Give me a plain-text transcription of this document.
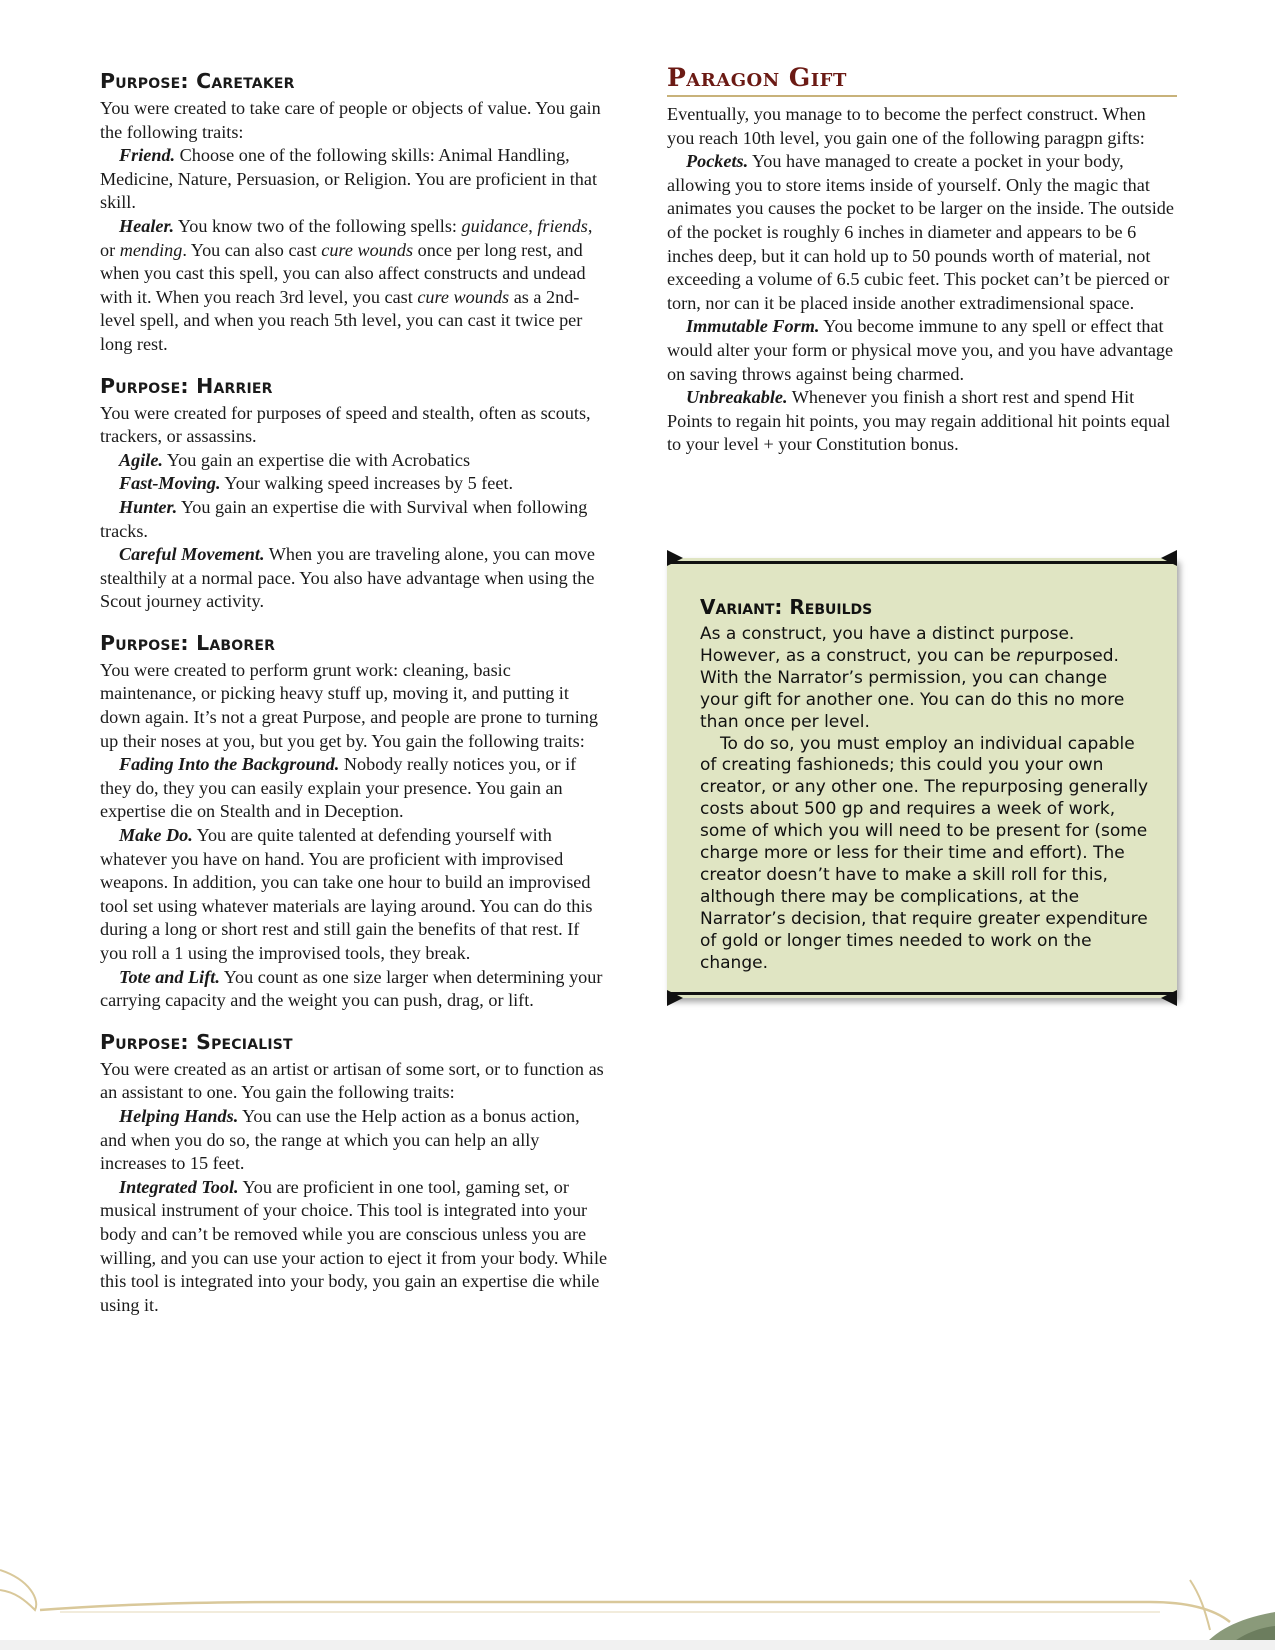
Purpose: Caretaker

You were created to take care of people or objects of value. You gain the following traits:

Friend. Choose one of the following skills: Animal Handling, Medicine, Nature, Persuasion, or Religion. You are proficient in that skill.

Healer. You know two of the following spells: guidance, friends, or mending. You can also cast cure wounds once per long rest, and when you cast this spell, you can also affect constructs and undead with it. When you reach 3rd level, you cast cure wounds as a 2nd-level spell, and when you reach 5th level, you can cast it twice per long rest.

Purpose: Harrier

You were created for purposes of speed and stealth, often as scouts, trackers, or assassins.

Agile. You gain an expertise die with Acrobatics

Fast-Moving. Your walking speed increases by 5 feet.

Hunter. You gain an expertise die with Survival when following tracks.

Careful Movement. When you are traveling alone, you can move stealthily at a normal pace. You also have advantage when using the Scout journey activity.

Purpose: Laborer

You were created to perform grunt work: cleaning, basic maintenance, or picking heavy stuff up, moving it, and putting it down again. It’s not a great Purpose, and people are prone to turning up their noses at you, but you get by. You gain the following traits:

Fading Into the Background. Nobody really notices you, or if they do, they you can easily explain your presence. You gain an expertise die on Stealth and in Deception.

Make Do. You are quite talented at defending yourself with whatever you have on hand. You are proficient with improvised weapons. In addition, you can take one hour to build an improvised tool set using whatever materials are laying around. You can do this during a long or short rest and still gain the benefits of that rest. If you roll a 1 using the improvised tools, they break.

Tote and Lift. You count as one size larger when determining your carrying capacity and the weight you can push, drag, or lift.

Purpose: Specialist

You were created as an artist or artisan of some sort, or to function as an assistant to one. You gain the following traits:

Helping Hands. You can use the Help action as a bonus action, and when you do so, the range at which you can help an ally increases to 15 feet.

Integrated Tool. You are proficient in one tool, gaming set, or musical instrument of your choice. This tool is integrated into your body and can’t be removed while you are conscious unless you are willing, and you can use your action to eject it from your body. While this tool is integrated into your body, you gain an expertise die while using it.

Paragon Gift

Eventually, you manage to to become the perfect construct. When you reach 10th level, you gain one of the following paragpn gifts:

Pockets. You have managed to create a pocket in your body, allowing you to store items inside of yourself. Only the magic that animates you causes the pocket to be larger on the inside. The outside of the pocket is roughly 6 inches in diameter and appears to be 6 inches deep, but it can hold up to 50 pounds worth of material, not exceeding a volume of 6.5 cubic feet. This pocket can’t be pierced or torn, nor can it be placed inside another extradimensional space.

Immutable Form. You become immune to any spell or effect that would alter your form or physical move you, and you have advantage on saving throws against being charmed.

Unbreakable. Whenever you finish a short rest and spend Hit Points to regain hit points, you may regain additional hit points equal to your level + your Constitution bonus.

Variant: Rebuilds

As a construct, you have a distinct purpose. However, as a construct, you can be repurposed. With the Narrator’s permission, you can change your gift for another one. You can do this no more than once per level.

To do so, you must employ an individual capable of creating fashioneds; this could you your own creator, or any other one. The repurposing generally costs about 500 gp and requires a week of work, some of which you will need to be present for (some charge more or less for their time and effort). The creator doesn’t have to make a skill roll for this, although there may be complications, at the Narrator’s decision, that require greater expenditure of gold or longer times needed to work on the change.
